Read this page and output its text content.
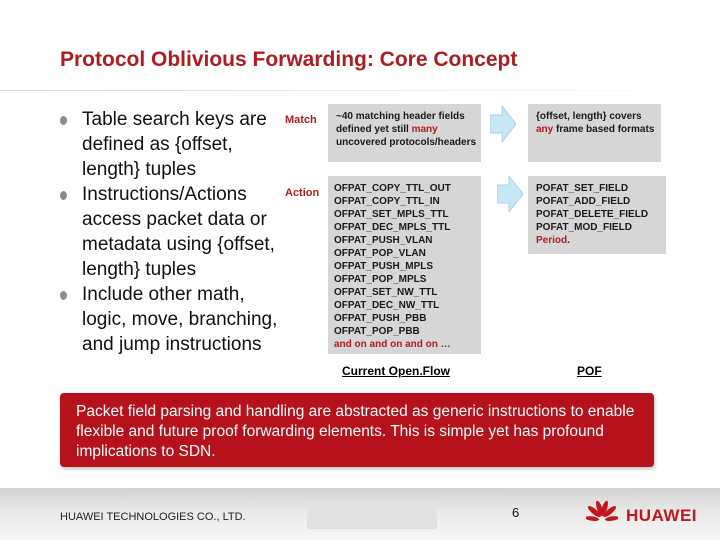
Protocol Oblivious Forwarding: Core Concept
Table search keys are defined as {offset, length} tuples
Instructions/Actions access packet data or metadata using {offset, length} tuples
Include other math, logic, move, branching, and jump instructions
Match
Action
~40 matching header fields defined yet still many uncovered protocols/headers
OFPAT_COPY_TTL_OUT
OFPAT_COPY_TTL_IN
OFPAT_SET_MPLS_TTL
OFPAT_DEC_MPLS_TTL
OFPAT_PUSH_VLAN
OFPAT_POP_VLAN
OFPAT_PUSH_MPLS
OFPAT_POP_MPLS
OFPAT_SET_NW_TTL
OFPAT_DEC_NW_TTL
OFPAT_PUSH_PBB
OFPAT_POP_PBB
and on and on and on …
{offset, length} covers any frame based formats
POFAT_SET_FIELD
POFAT_ADD_FIELD
POFAT_DELETE_FIELD
POFAT_MOD_FIELD
Period.
Current Open.Flow	POF
Packet field parsing and handling are abstracted as generic instructions to enable flexible and future proof forwarding elements. This is simple yet has profound implications to SDN.
HUAWEI TECHNOLOGIES CO., LTD.	6	HUAWEI
